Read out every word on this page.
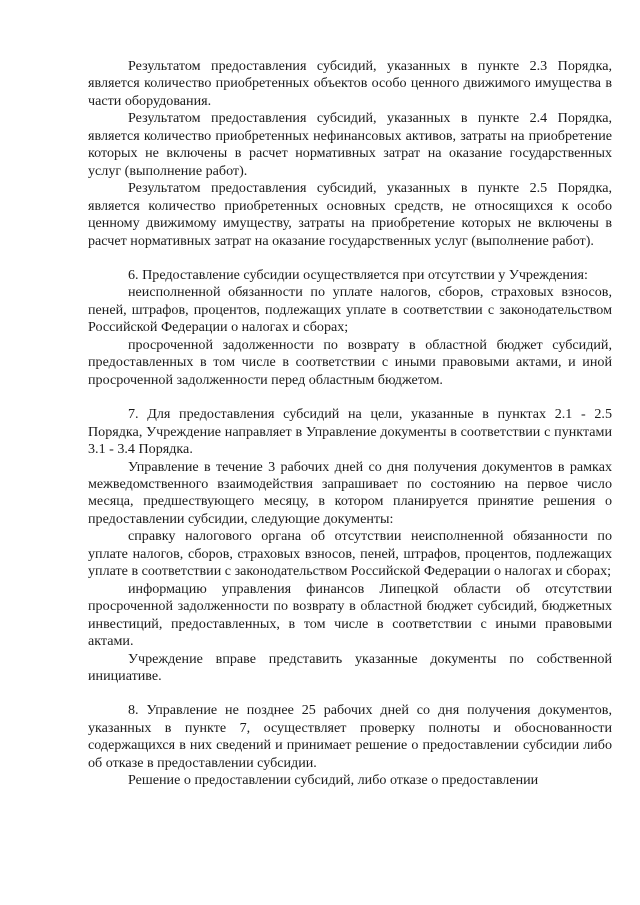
Результатом предоставления субсидий, указанных в пункте 2.3 Порядка, является количество приобретенных объектов особо ценного движимого имущества в части оборудования.

Результатом предоставления субсидий, указанных в пункте 2.4 Порядка, является количество приобретенных нефинансовых активов, затраты на приобретение которых не включены в расчет нормативных затрат на оказание государственных услуг (выполнение работ).

Результатом предоставления субсидий, указанных в пункте 2.5 Порядка, является количество приобретенных основных средств, не относящихся к особо ценному движимому имуществу, затраты на приобретение которых не включены в расчет нормативных затрат на оказание государственных услуг (выполнение работ).

6. Предоставление субсидии осуществляется при отсутствии у Учреждения:

неисполненной обязанности по уплате налогов, сборов, страховых взносов, пеней, штрафов, процентов, подлежащих уплате в соответствии с законодательством Российской Федерации о налогах и сборах;

просроченной задолженности по возврату в областной бюджет субсидий, предоставленных в том числе в соответствии с иными правовыми актами, и иной просроченной задолженности перед областным бюджетом.

7. Для предоставления субсидий на цели, указанные в пунктах 2.1 - 2.5 Порядка, Учреждение направляет в Управление документы в соответствии с пунктами 3.1 - 3.4 Порядка.

Управление в течение 3 рабочих дней со дня получения документов в рамках межведомственного взаимодействия запрашивает по состоянию на первое число месяца, предшествующего месяцу, в котором планируется принятие решения о предоставлении субсидии, следующие документы:

справку налогового органа об отсутствии неисполненной обязанности по уплате налогов, сборов, страховых взносов, пеней, штрафов, процентов, подлежащих уплате в соответствии с законодательством Российской Федерации о налогах и сборах;

информацию управления финансов Липецкой области об отсутствии просроченной задолженности по возврату в областной бюджет субсидий, бюджетных инвестиций, предоставленных, в том числе в соответствии с иными правовыми актами.

Учреждение вправе представить указанные документы по собственной инициативе.

8. Управление не позднее 25 рабочих дней со дня получения документов, указанных в пункте 7, осуществляет проверку полноты и обоснованности содержащихся в них сведений и принимает решение о предоставлении субсидии либо об отказе в предоставлении субсидии.

Решение о предоставлении субсидий, либо отказе о предоставлении
